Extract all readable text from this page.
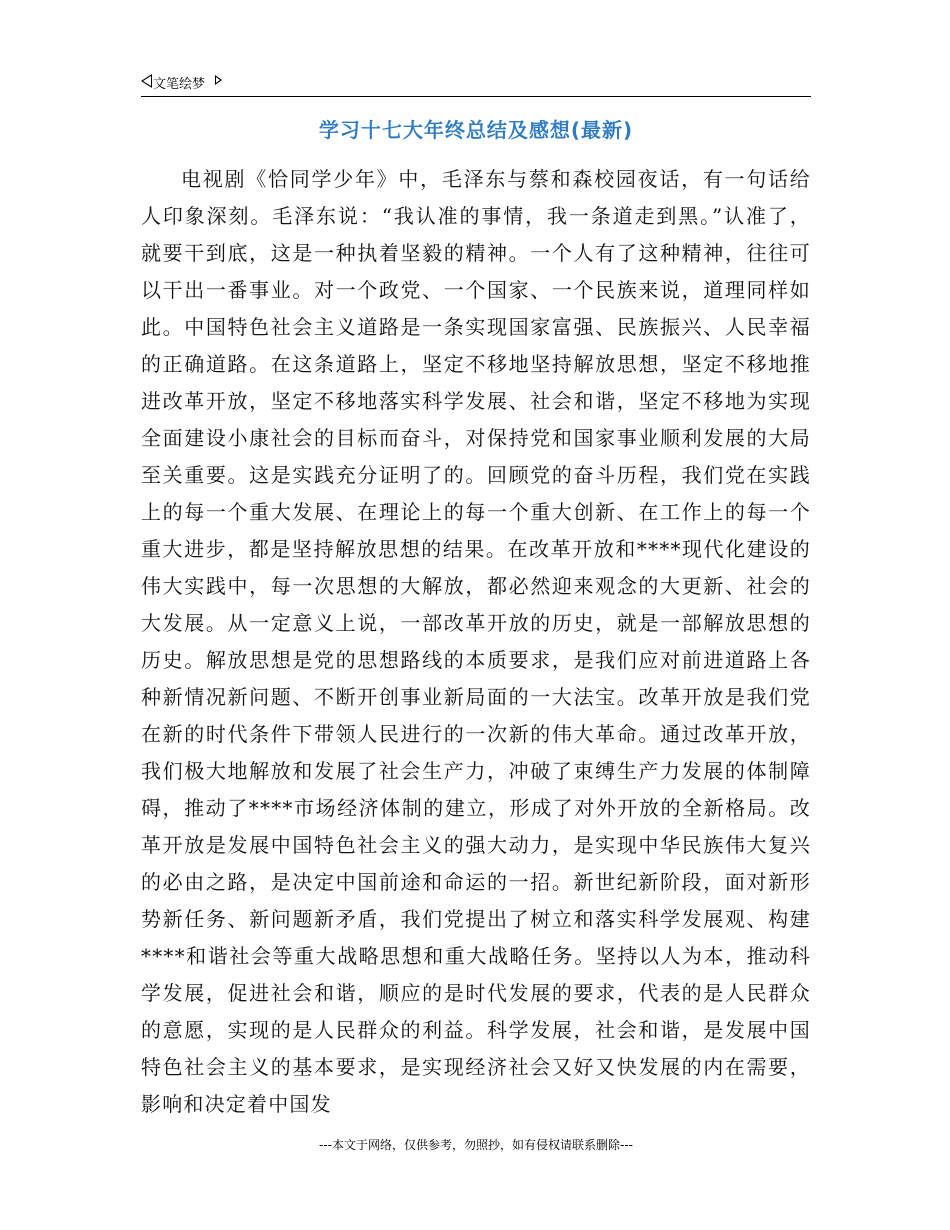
文笔绘梦
学习十七大年终总结及感想(最新)
电视剧《恰同学少年》中，毛泽东与蔡和森校园夜话，有一句话给人印象深刻。毛泽东说：“我认准的事情，我一条道走到黑。”认准了，就要干到底，这是一种执着坚毅的精神。一个人有了这种精神，往往可以干出一番事业。对一个政党、一个国家、一个民族来说，道理同样如此。中国特色社会主义道路是一条实现国家富强、民族振兴、人民幸福的正确道路。在这条道路上，坚定不移地坚持解放思想，坚定不移地推进改革开放，坚定不移地落实科学发展、社会和谐，坚定不移地为实现全面建设小康社会的目标而奋斗，对保持党和国家事业顺利发展的大局至关重要。这是实践充分证明了的。回顾党的奋斗历程，我们党在实践上的每一个重大发展、在理论上的每一个重大创新、在工作上的每一个重大进步，都是坚持解放思想的结果。在改革开放和****现代化建设的伟大实践中，每一次思想的大解放，都必然迎来观念的大更新、社会的大发展。从一定意义上说，一部改革开放的历史，就是一部解放思想的历史。解放思想是党的思想路线的本质要求，是我们应对前进道路上各种新情况新问题、不断开创事业新局面的一大法宝。改革开放是我们党在新的时代条件下带领人民进行的一次新的伟大革命。通过改革开放，我们极大地解放和发展了社会生产力，冲破了束缚生产力发展的体制障碍，推动了****市场经济体制的建立，形成了对外开放的全新格局。改革开放是发展中国特色社会主义的强大动力，是实现中华民族伟大复兴的必由之路，是决定中国前途和命运的一招。新世纪新阶段，面对新形势新任务、新问题新矛盾，我们党提出了树立和落实科学发展观、构建****和谐社会等重大战略思想和重大战略任务。坚持以人为本，推动科学发展，促进社会和谐，顺应的是时代发展的要求，代表的是人民群众的意愿，实现的是人民群众的利益。科学发展，社会和谐，是发展中国特色社会主义的基本要求，是实现经济社会又好又快发展的内在需要，影响和决定着中国发
---本文于网络，仅供参考，勿照抄，如有侵权请联系删除---
